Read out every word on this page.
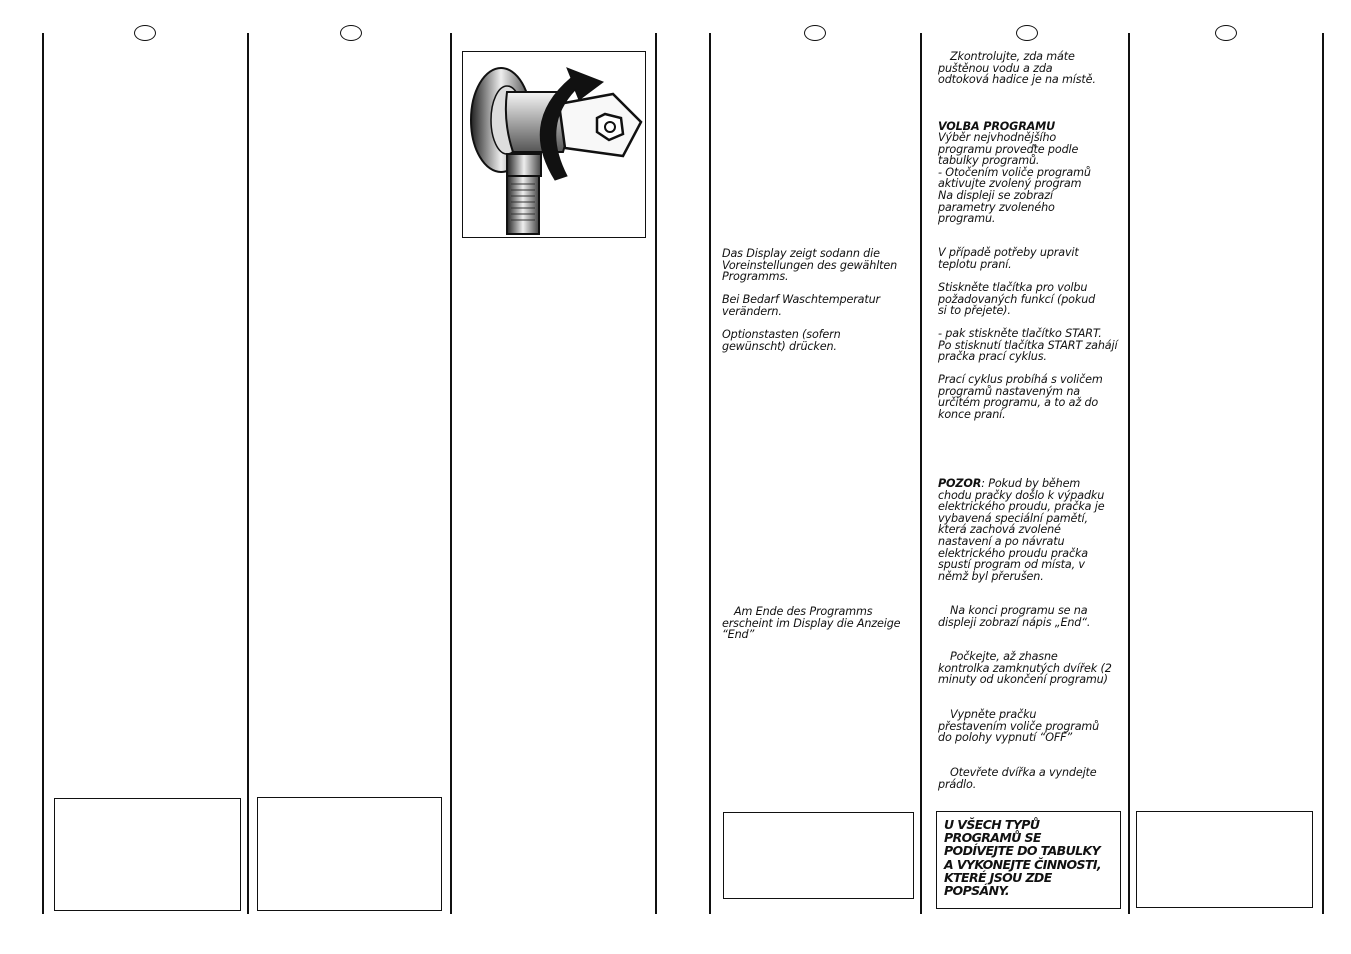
Das Display zeigt sodann die
Voreinstellungen des gewählten
Programms.

Bei Bedarf Waschtemperatur
verändern.

Optionstasten (sofern
gewünscht) drücken.

Am Ende des Programms
erscheint im Display die Anzeige
“End”

Zkontrolujte, zda máte
puštěnou vodu a zda
odtoková hadice je na místě.

VOLBA PROGRAMU

Výběr nejvhodnějšího
programu proveďte podle
tabulky programů.
- Otočením voliče programů
aktivujte zvolený program
Na displeji se zobrazí
parametry zvoleného
programu.

V případě potřeby upravit
teplotu praní.

Stiskněte tlačítka pro volbu
požadovaných funkcí (pokud
si to přejete).

- pak stiskněte tlačítko START.
Po stisknutí tlačítka START zahájí
pračka prací cyklus.

Prací cyklus probíhá s voličem
programů nastaveným na
určitém programu, a to až do
konce praní.

POZOR: Pokud by během
chodu pračky došlo k výpadku
elektrického proudu, pračka je
vybavená speciální pamětí,
která zachová zvolené
nastavení a po návratu
elektrického proudu pračka
spustí program od místa, v
němž byl přerušen.

Na konci programu se na
displeji zobrazí nápis „End“.

Počkejte, až zhasne
kontrolka zamknutých dvířek (2
minuty od ukončení programu)

Vypněte pračku
přestavením voliče programů
do polohy vypnutí “OFF”

Otevřete dvířka a vyndejte
prádlo.

U VŠECH TYPŮ
PROGRAMŮ SE
PODÍVEJTE DO TABULKY
A VYKONEJTE ČINNOSTI,
KTERÉ JSOU ZDE
POPSÁNY.
